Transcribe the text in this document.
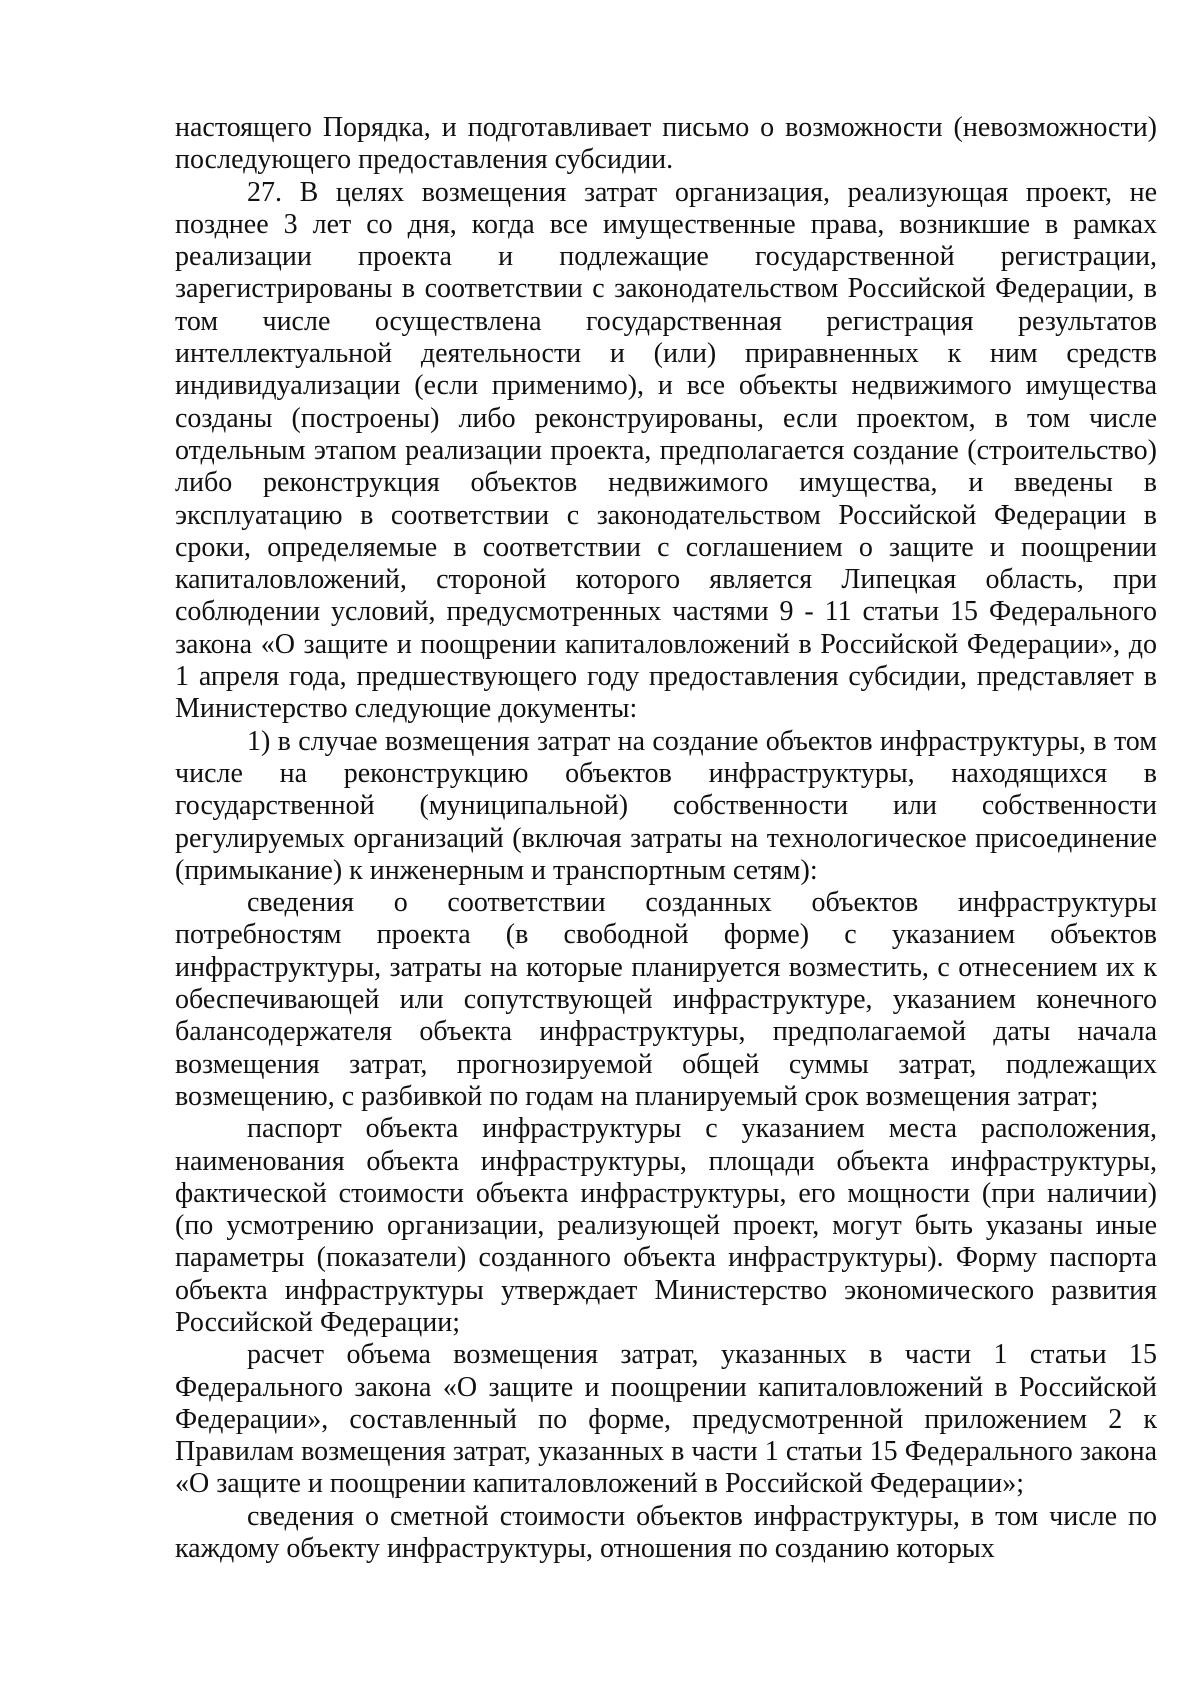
настоящего Порядка, и подготавливает письмо о возможности (невозможности) последующего предоставления субсидии.

27. В целях возмещения затрат организация, реализующая проект, не позднее 3 лет со дня, когда все имущественные права, возникшие в рамках реализации проекта и подлежащие государственной регистрации, зарегистрированы в соответствии с законодательством Российской Федерации, в том числе осуществлена государственная регистрация результатов интеллектуальной деятельности и (или) приравненных к ним средств индивидуализации (если применимо), и все объекты недвижимого имущества созданы (построены) либо реконструированы, если проектом, в том числе отдельным этапом реализации проекта, предполагается создание (строительство) либо реконструкция объектов недвижимого имущества, и введены в эксплуатацию в соответствии с законодательством Российской Федерации в сроки, определяемые в соответствии с соглашением о защите и поощрении капиталовложений, стороной которого является Липецкая область, при соблюдении условий, предусмотренных частями 9 - 11 статьи 15 Федерального закона «О защите и поощрении капиталовложений в Российской Федерации», до 1 апреля года, предшествующего году предоставления субсидии, представляет в Министерство следующие документы:

1) в случае возмещения затрат на создание объектов инфраструктуры, в том числе на реконструкцию объектов инфраструктуры, находящихся в государственной (муниципальной) собственности или собственности регулируемых организаций (включая затраты на технологическое присоединение (примыкание) к инженерным и транспортным сетям):

сведения о соответствии созданных объектов инфраструктуры потребностям проекта (в свободной форме) с указанием объектов инфраструктуры, затраты на которые планируется возместить, с отнесением их к обеспечивающей или сопутствующей инфраструктуре, указанием конечного балансодержателя объекта инфраструктуры, предполагаемой даты начала возмещения затрат, прогнозируемой общей суммы затрат, подлежащих возмещению, с разбивкой по годам на планируемый срок возмещения затрат;

паспорт объекта инфраструктуры с указанием места расположения, наименования объекта инфраструктуры, площади объекта инфраструктуры, фактической стоимости объекта инфраструктуры, его мощности (при наличии) (по усмотрению организации, реализующей проект, могут быть указаны иные параметры (показатели) созданного объекта инфраструктуры). Форму паспорта объекта инфраструктуры утверждает Министерство экономического развития Российской Федерации;

расчет объема возмещения затрат, указанных в части 1 статьи 15 Федерального закона «О защите и поощрении капиталовложений в Российской Федерации», составленный по форме, предусмотренной приложением 2 к Правилам возмещения затрат, указанных в части 1 статьи 15 Федерального закона «О защите и поощрении капиталовложений в Российской Федерации»;

сведения о сметной стоимости объектов инфраструктуры, в том числе по каждому объекту инфраструктуры, отношения по созданию которых
